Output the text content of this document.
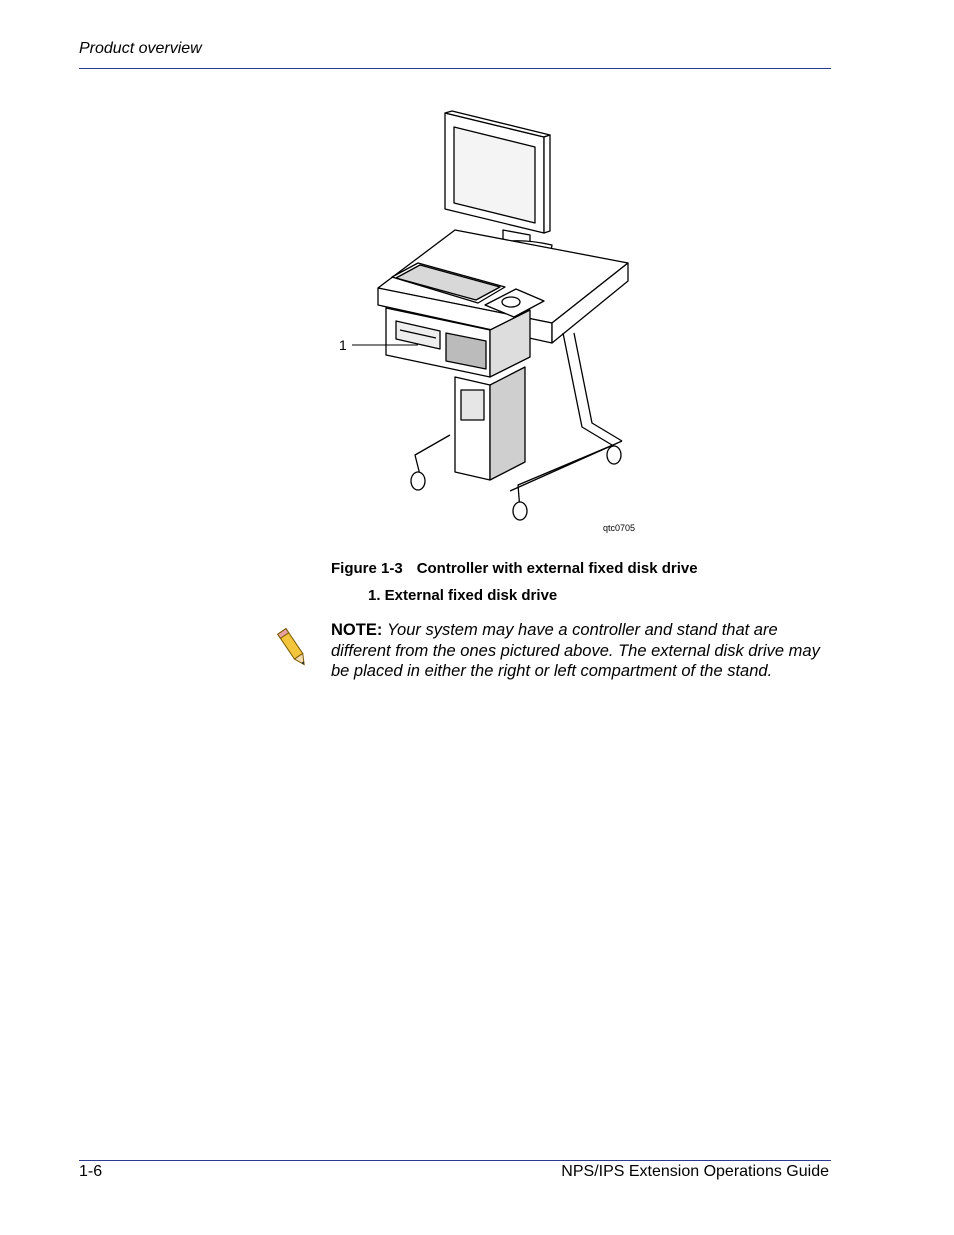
Product overview
1
qtc0705
Figure 1-3 Controller with external fixed disk drive
1. External fixed disk drive
NOTE: Your system may have a controller and stand that are different from the ones pictured above. The external disk drive may be placed in either the right or left compartment of the stand.
1-6	NPS/IPS Extension Operations Guide
